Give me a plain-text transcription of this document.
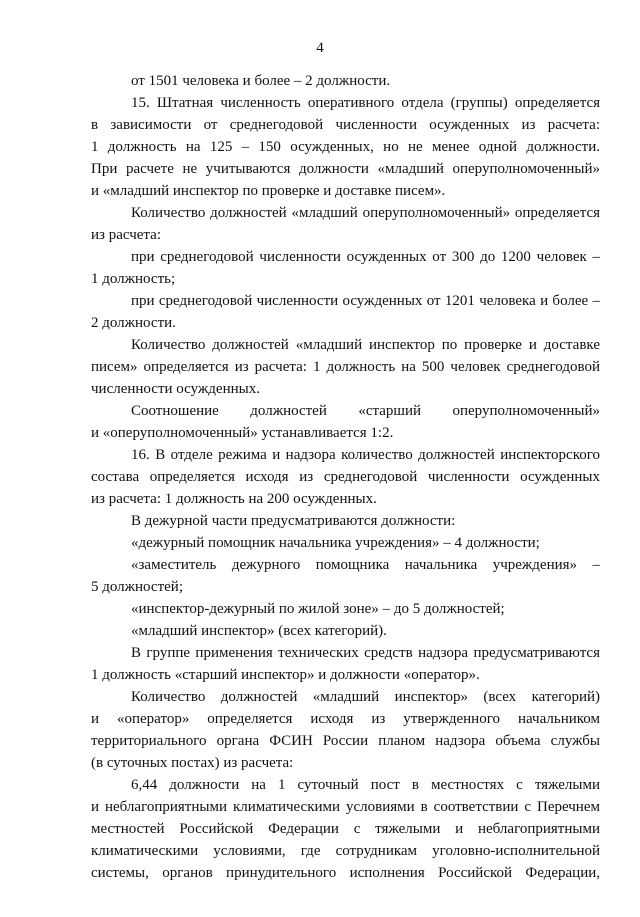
4
от 1501 человека и более – 2 должности.
15. Штатная численность оперативного отдела (группы) определяется
в зависимости от среднегодовой численности осужденных из расчета:
1 должность на 125 – 150 осужденных, но не менее одной должности.
При расчете не учитываются должности «младший оперуполномоченный»
и «младший инспектор по проверке и доставке писем».
Количество должностей «младший оперуполномоченный» определяется
из расчета:
при среднегодовой численности осужденных от 300 до 1200 человек –
1 должность;
при среднегодовой численности осужденных от 1201 человека и более –
2 должности.
Количество должностей «младший инспектор по проверке и доставке
писем» определяется из расчета: 1 должность на 500 человек среднегодовой
численности осужденных.
Соотношение должностей «старший оперуполномоченный»
и «оперуполномоченный» устанавливается 1:2.
16. В отделе режима и надзора количество должностей инспекторского
состава определяется исходя из среднегодовой численности осужденных
из расчета: 1 должность на 200 осужденных.
В дежурной части предусматриваются должности:
«дежурный помощник начальника учреждения» – 4 должности;
«заместитель дежурного помощника начальника учреждения» –
5 должностей;
«инспектор-дежурный по жилой зоне» – до 5 должностей;
«младший инспектор» (всех категорий).
В группе применения технических средств надзора предусматриваются
1 должность «старший инспектор» и должности «оператор».
Количество должностей «младший инспектор» (всех категорий)
и «оператор» определяется исходя из утвержденного начальником
территориального органа ФСИН России планом надзора объема службы
(в суточных постах) из расчета:
6,44 должности на 1 суточный пост в местностях с тяжелыми
и неблагоприятными климатическими условиями в соответствии с Перечнем
местностей Российской Федерации с тяжелыми и неблагоприятными
климатическими условиями, где сотрудникам уголовно-исполнительной
системы, органов принудительного исполнения Российской Федерации,
